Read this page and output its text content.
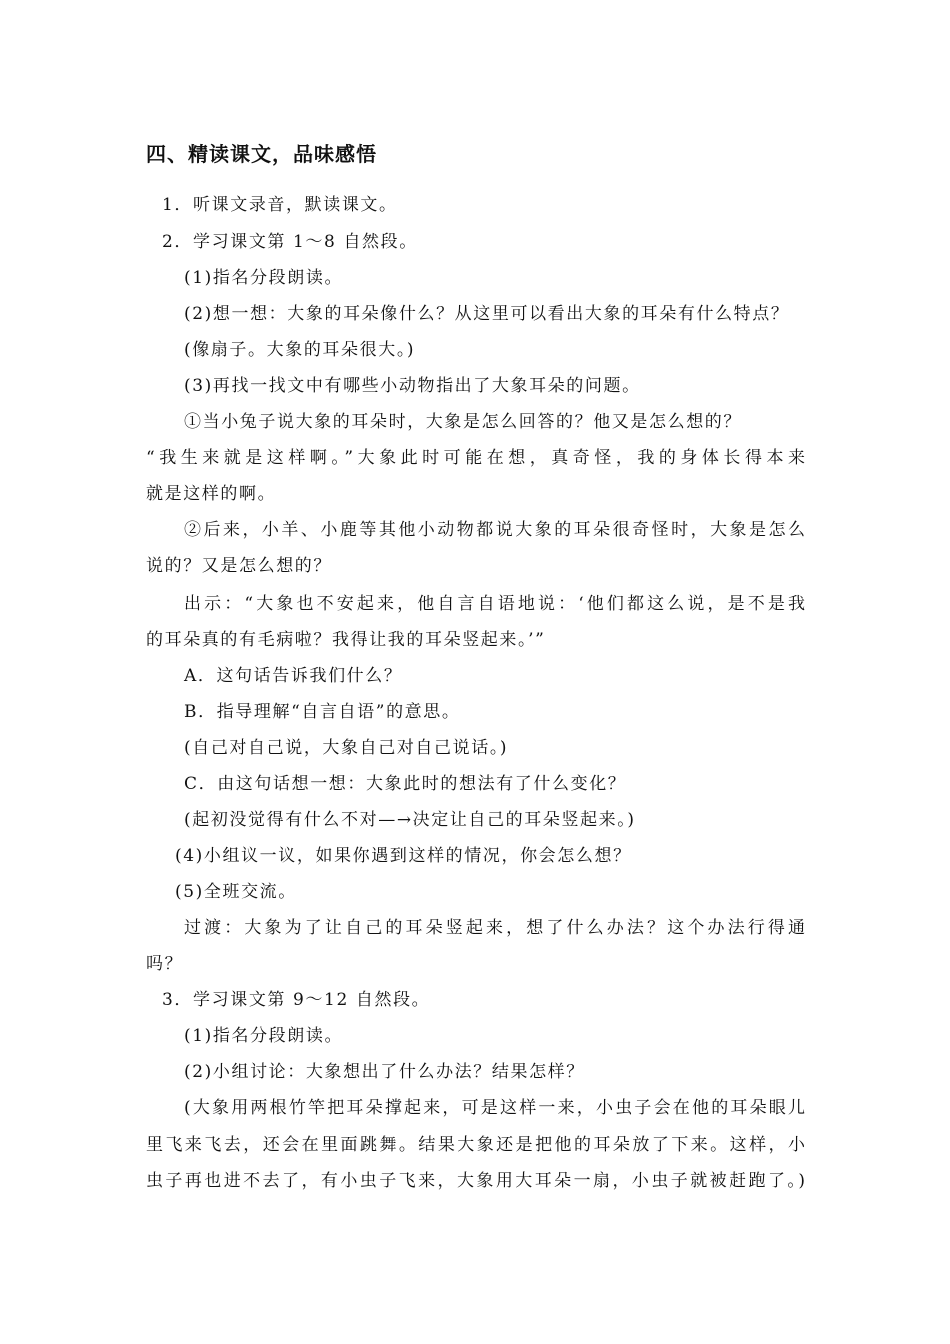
四、精读课文，品味感悟
1．听课文录音，默读课文。
2．学习课文第 1～8 自然段。
(1)指名分段朗读。
(2)想一想：大象的耳朵像什么？从这里可以看出大象的耳朵有什么特点？
(像扇子。大象的耳朵很大。)
(3)再找一找文中有哪些小动物指出了大象耳朵的问题。
①当小兔子说大象的耳朵时，大象是怎么回答的？他又是怎么想的？
“我生来就是这样啊。”大象此时可能在想，真奇怪，我的身体长得本来
就是这样的啊。
②后来，小羊、小鹿等其他小动物都说大象的耳朵很奇怪时，大象是怎么
说的？又是怎么想的？
出示：“大象也不安起来，他自言自语地说：‘他们都这么说，是不是我
的耳朵真的有毛病啦？我得让我的耳朵竖起来。’”
A．这句话告诉我们什么？
B．指导理解“自言自语”的意思。
(自己对自己说，大象自己对自己说话。)
C．由这句话想一想：大象此时的想法有了什么变化？
(起初没觉得有什么不对—→决定让自己的耳朵竖起来。)
(4)小组议一议，如果你遇到这样的情况，你会怎么想？
(5)全班交流。
过渡：大象为了让自己的耳朵竖起来，想了什么办法？这个办法行得通
吗？
3．学习课文第 9～12 自然段。
(1)指名分段朗读。
(2)小组讨论：大象想出了什么办法？结果怎样？
(大象用两根竹竿把耳朵撑起来，可是这样一来，小虫子会在他的耳朵眼儿
里飞来飞去，还会在里面跳舞。结果大象还是把他的耳朵放了下来。这样，小
虫子再也进不去了，有小虫子飞来，大象用大耳朵一扇，小虫子就被赶跑了。)
